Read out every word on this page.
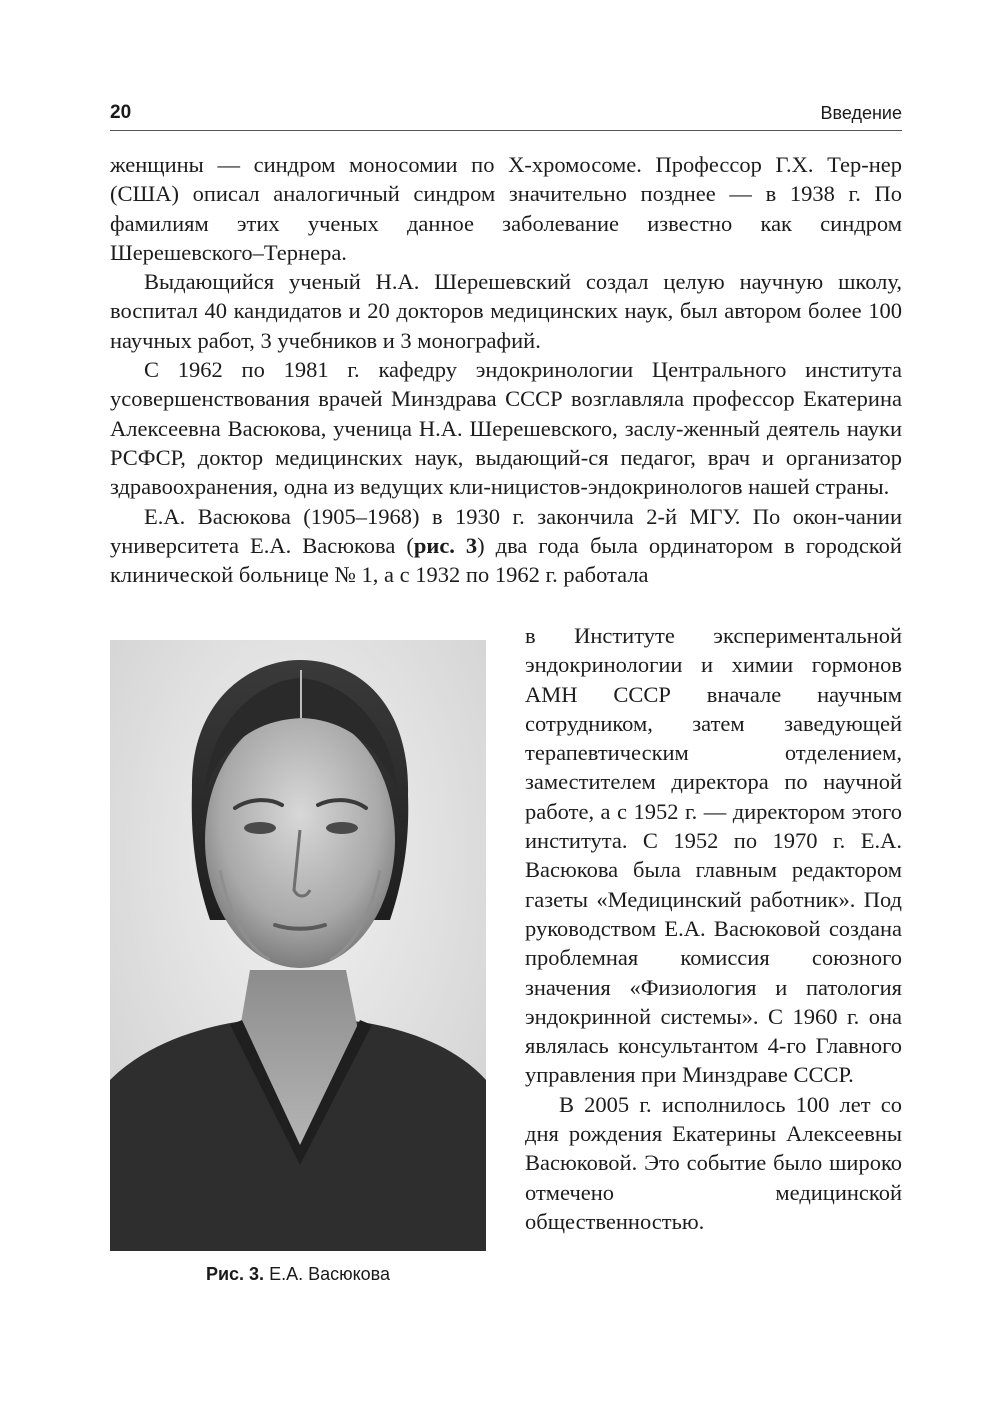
20	Введение

женщины — синдром моносомии по Х-хромосоме. Профессор Г.Х. Тер-нер (США) описал аналогичный синдром значительно позднее — в 1938 г. По фамилиям этих ученых данное заболевание известно как синдром Шерешевского–Тернера.

Выдающийся ученый Н.А. Шерешевский создал целую научную школу, воспитал 40 кандидатов и 20 докторов медицинских наук, был автором более 100 научных работ, 3 учебников и 3 монографий.

С 1962 по 1981 г. кафедру эндокринологии Центрального института усовершенствования врачей Минздрава СССР возглавляла профессор Екатерина Алексеевна Васюкова, ученица Н.А. Шерешевского, заслу-женный деятель науки РСФСР, доктор медицинских наук, выдающий-ся педагог, врач и организатор здравоохранения, одна из ведущих кли-ницистов-эндокринологов нашей страны.

Е.А. Васюкова (1905–1968) в 1930 г. закончила 2-й МГУ. По окон-чании университета Е.А. Васюкова (рис. 3) два года была ординатором в городской клинической больнице № 1, а с 1932 по 1962 г. работала

Рис. 3. Е.А. Васюкова

в Институте экспериментальной эндокринологии и химии гормонов АМН СССР вначале научным сотрудником, затем заведующей терапевтическим отделением, заместителем директора по научной работе, а с 1952 г. — директором этого института. С 1952 по 1970 г. Е.А. Васюкова была главным редактором газеты «Медицинский работник». Под руководством Е.А. Васюковой создана проблемная комиссия союзного значения «Физиология и патология эндокринной системы». С 1960 г. она являлась консультантом 4-го Главного управления при Минздраве СССР.

В 2005 г. исполнилось 100 лет со дня рождения Екатерины Алексеевны Васюковой. Это событие было широко отмечено медицинской общественностью.
